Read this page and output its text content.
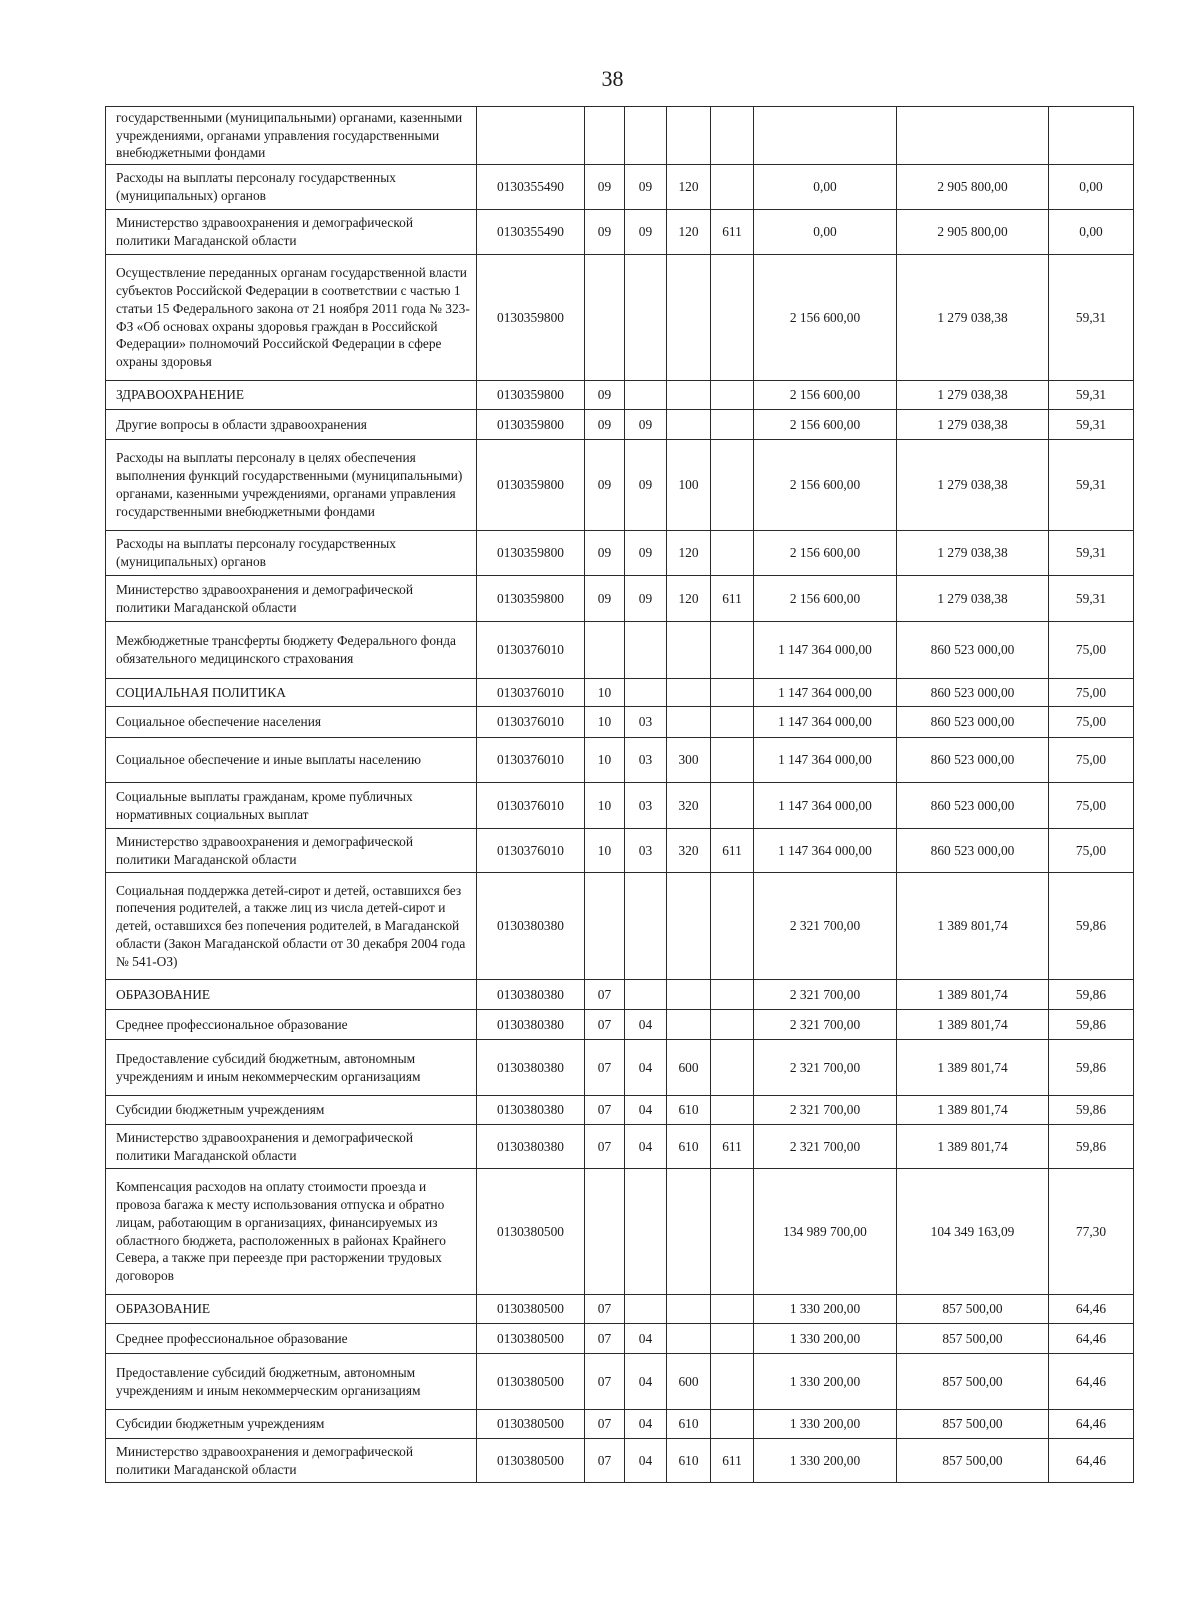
38
государственными (муниципальными) органами, казенными учреждениями, органами управления государственными внебюджетными фондами								
Расходы на выплаты персоналу государственных (муниципальных) органов	0130355490	09	09	120		0,00	2 905 800,00	0,00
Министерство здравоохранения и демографической политики Магаданской области	0130355490	09	09	120	611	0,00	2 905 800,00	0,00
Осуществление переданных органам государственной власти субъектов Российской Федерации в соответствии с частью 1 статьи 15 Федерального закона от 21 ноября 2011 года № 323-ФЗ «Об основах охраны здоровья граждан в Российской Федерации» полномочий Российской Федерации в сфере охраны здоровья	0130359800					2 156 600,00	1 279 038,38	59,31
ЗДРАВООХРАНЕНИЕ	0130359800	09				2 156 600,00	1 279 038,38	59,31
Другие вопросы в области здравоохранения	0130359800	09	09			2 156 600,00	1 279 038,38	59,31
Расходы на выплаты персоналу в целях обеспечения выполнения функций государственными (муниципальными) органами, казенными учреждениями, органами управления государственными внебюджетными фондами	0130359800	09	09	100		2 156 600,00	1 279 038,38	59,31
Расходы на выплаты персоналу государственных (муниципальных) органов	0130359800	09	09	120		2 156 600,00	1 279 038,38	59,31
Министерство здравоохранения и демографической политики Магаданской области	0130359800	09	09	120	611	2 156 600,00	1 279 038,38	59,31
Межбюджетные трансферты бюджету Федерального фонда обязательного медицинского страхования	0130376010					1 147 364 000,00	860 523 000,00	75,00
СОЦИАЛЬНАЯ ПОЛИТИКА	0130376010	10				1 147 364 000,00	860 523 000,00	75,00
Социальное обеспечение населения	0130376010	10	03			1 147 364 000,00	860 523 000,00	75,00
Социальное обеспечение и иные выплаты населению	0130376010	10	03	300		1 147 364 000,00	860 523 000,00	75,00
Социальные выплаты гражданам, кроме публичных нормативных социальных выплат	0130376010	10	03	320		1 147 364 000,00	860 523 000,00	75,00
Министерство здравоохранения и демографической политики Магаданской области	0130376010	10	03	320	611	1 147 364 000,00	860 523 000,00	75,00
Социальная поддержка детей-сирот и детей, оставшихся без попечения родителей, а также лиц из числа детей-сирот и детей, оставшихся без попечения родителей, в Магаданской области (Закон Магаданской области от 30 декабря 2004 года № 541-ОЗ)	0130380380					2 321 700,00	1 389 801,74	59,86
ОБРАЗОВАНИЕ	0130380380	07				2 321 700,00	1 389 801,74	59,86
Среднее профессиональное образование	0130380380	07	04			2 321 700,00	1 389 801,74	59,86
Предоставление субсидий бюджетным, автономным учреждениям и иным некоммерческим организациям	0130380380	07	04	600		2 321 700,00	1 389 801,74	59,86
Субсидии бюджетным учреждениям	0130380380	07	04	610		2 321 700,00	1 389 801,74	59,86
Министерство здравоохранения и демографической политики Магаданской области	0130380380	07	04	610	611	2 321 700,00	1 389 801,74	59,86
Компенсация расходов на оплату стоимости проезда и провоза багажа к месту использования отпуска и обратно лицам, работающим в организациях, финансируемых из областного бюджета, расположенных в районах Крайнего Севера, а также при переезде при расторжении трудовых договоров	0130380500					134 989 700,00	104 349 163,09	77,30
ОБРАЗОВАНИЕ	0130380500	07				1 330 200,00	857 500,00	64,46
Среднее профессиональное образование	0130380500	07	04			1 330 200,00	857 500,00	64,46
Предоставление субсидий бюджетным, автономным учреждениям и иным некоммерческим организациям	0130380500	07	04	600		1 330 200,00	857 500,00	64,46
Субсидии бюджетным учреждениям	0130380500	07	04	610		1 330 200,00	857 500,00	64,46
Министерство здравоохранения и демографической политики Магаданской области	0130380500	07	04	610	611	1 330 200,00	857 500,00	64,46
